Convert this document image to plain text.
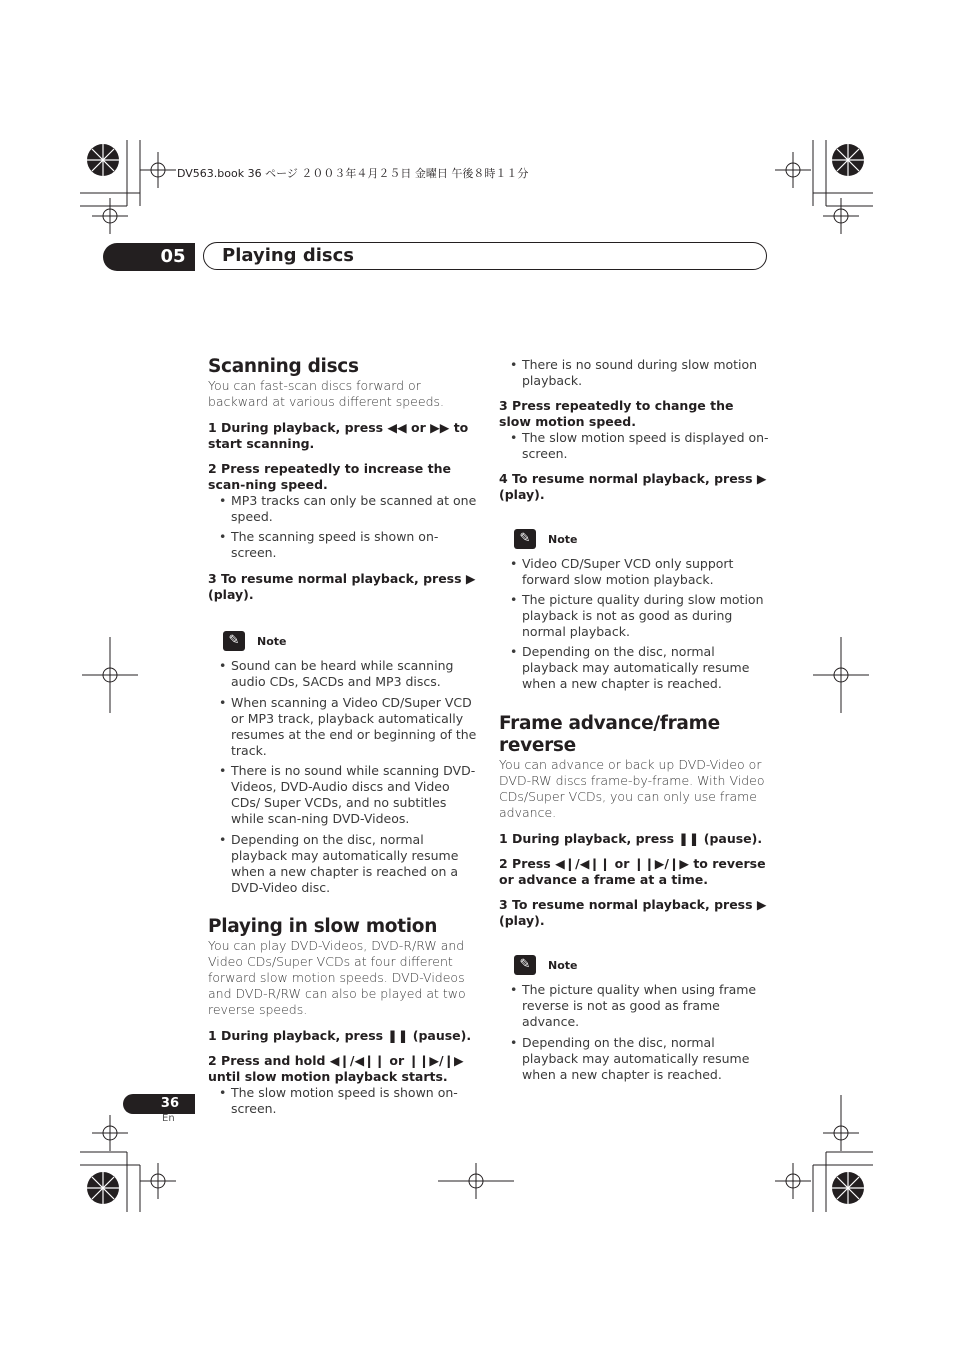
DV563.book 36 ページ ２００３年４月２５日 金曜日 午後８時１１分
05	Playing discs
Scanning discs

You can fast-scan discs forward or backward at various different speeds.

1 During playback, press ◀◀ or ▶▶ to start scanning.

2 Press repeatedly to increase the scan-ning speed.

• MP3 tracks can only be scanned at one speed.
• The scanning speed is shown on-screen.

3 To resume normal playback, press ▶ (play).

✎	Note
• Sound can be heard while scanning audio CDs, SACDs and MP3 discs.
• When scanning a Video CD/Super VCD or MP3 track, playback automatically resumes at the end or beginning of the track.
• There is no sound while scanning DVD-Videos, DVD-Audio discs and Video CDs/ Super VCDs, and no subtitles while scan-ning DVD-Videos.
• Depending on the disc, normal playback may automatically resume when a new chapter is reached on a DVD-Video disc.
Playing in slow motion

You can play DVD-Videos, DVD-R/RW and Video CDs/Super VCDs at four different forward slow motion speeds. DVD-Videos and DVD-R/RW can also be played at two reverse speeds.

1 During playback, press ❚❚ (pause).

2 Press and hold ◀❙/◀❙❙ or ❙❙▶/❙▶ until slow motion playback starts.

• The slow motion speed is shown on-screen.
• There is no sound during slow motion playback.

3 Press repeatedly to change the slow motion speed.

• The slow motion speed is displayed on-screen.

4 To resume normal playback, press ▶ (play).

✎	Note
• Video CD/Super VCD only support forward slow motion playback.
• The picture quality during slow motion playback is not as good as during normal playback.
• Depending on the disc, normal playback may automatically resume when a new chapter is reached.
Frame advance/frame reverse

You can advance or back up DVD-Video or DVD-RW discs frame-by-frame. With Video CDs/Super VCDs, you can only use frame advance.

1 During playback, press ❚❚ (pause).

2 Press ◀❙/◀❙❙ or ❙❙▶/❙▶ to reverse or advance a frame at a time.

3 To resume normal playback, press ▶ (play).

✎	Note
• The picture quality when using frame reverse is not as good as frame advance.
• Depending on the disc, normal playback may automatically resume when a new chapter is reached.
36
En
